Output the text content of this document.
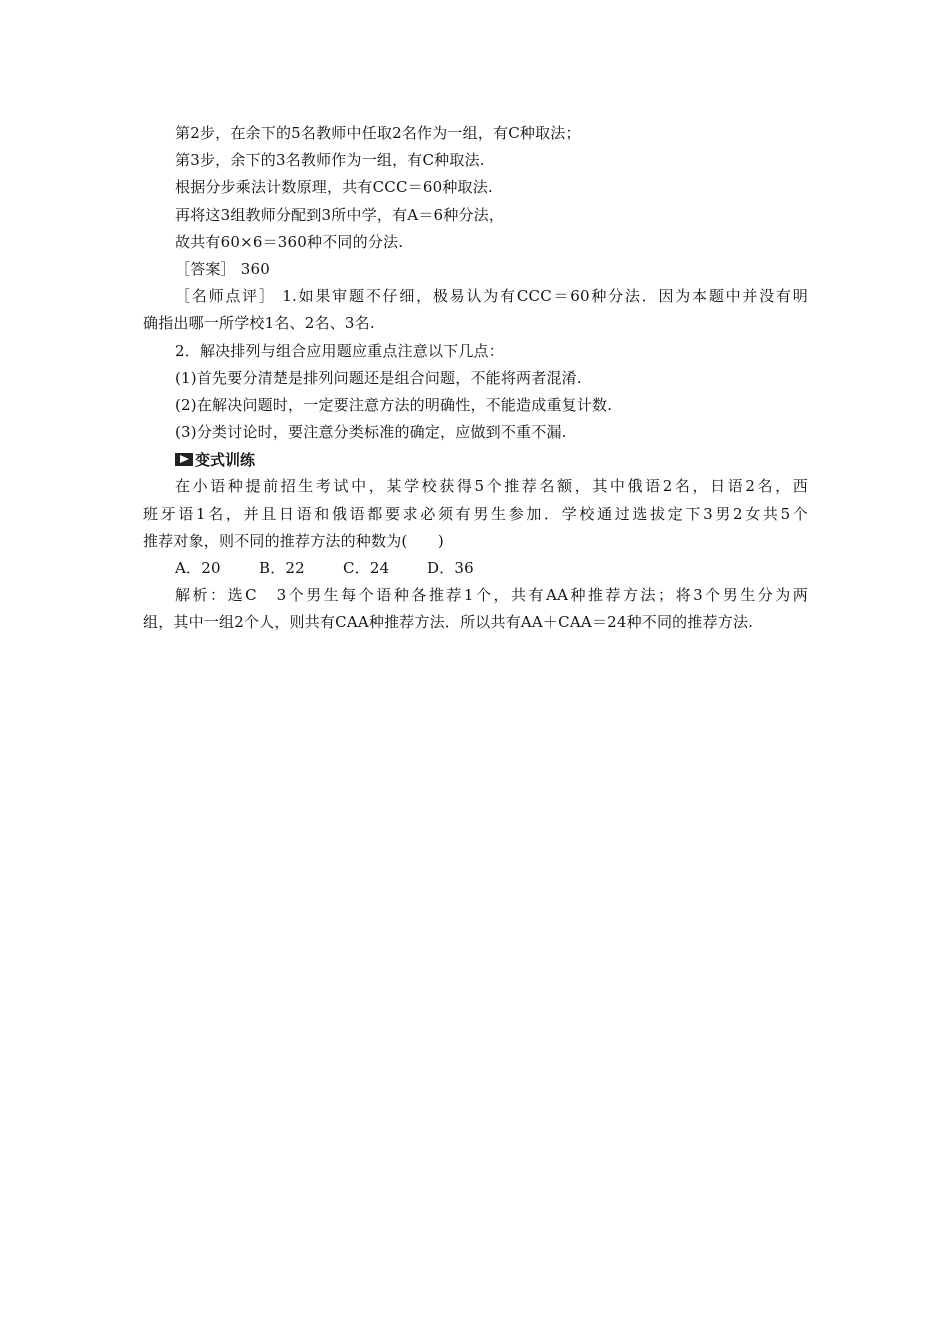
第2步，在余下的5名教师中任取2名作为一组，有C种取法；
第3步，余下的3名教师作为一组，有C种取法.
根据分步乘法计数原理，共有CCC＝60种取法.
再将这3组教师分配到3所中学，有A＝6种分法，
故共有60×6＝360种不同的分法.
［答案］ 360
［名师点评］ 1.如果审题不仔细，极易认为有CCC＝60种分法．因为本题中并没有明
确指出哪一所学校1名、2名、3名.
2．解决排列与组合应用题应重点注意以下几点：
(1)首先要分清楚是排列问题还是组合问题，不能将两者混淆.
(2)在解决问题时，一定要注意方法的明确性，不能造成重复计数.
(3)分类讨论时，要注意分类标准的确定，应做到不重不漏.
变式训练
在小语种提前招生考试中，某学校获得5个推荐名额，其中俄语2名，日语2名，西
班牙语1名，并且日语和俄语都要求必须有男生参加．学校通过选拔定下3男2女共5个
推荐对象，则不同的推荐方法的种数为(　　)
A．20	B．22	C．24	D．36
解析：选C　3个男生每个语种各推荐1个，共有AA种推荐方法；将3个男生分为两
组，其中一组2个人，则共有CAA种推荐方法．所以共有AA＋CAA＝24种不同的推荐方法.
